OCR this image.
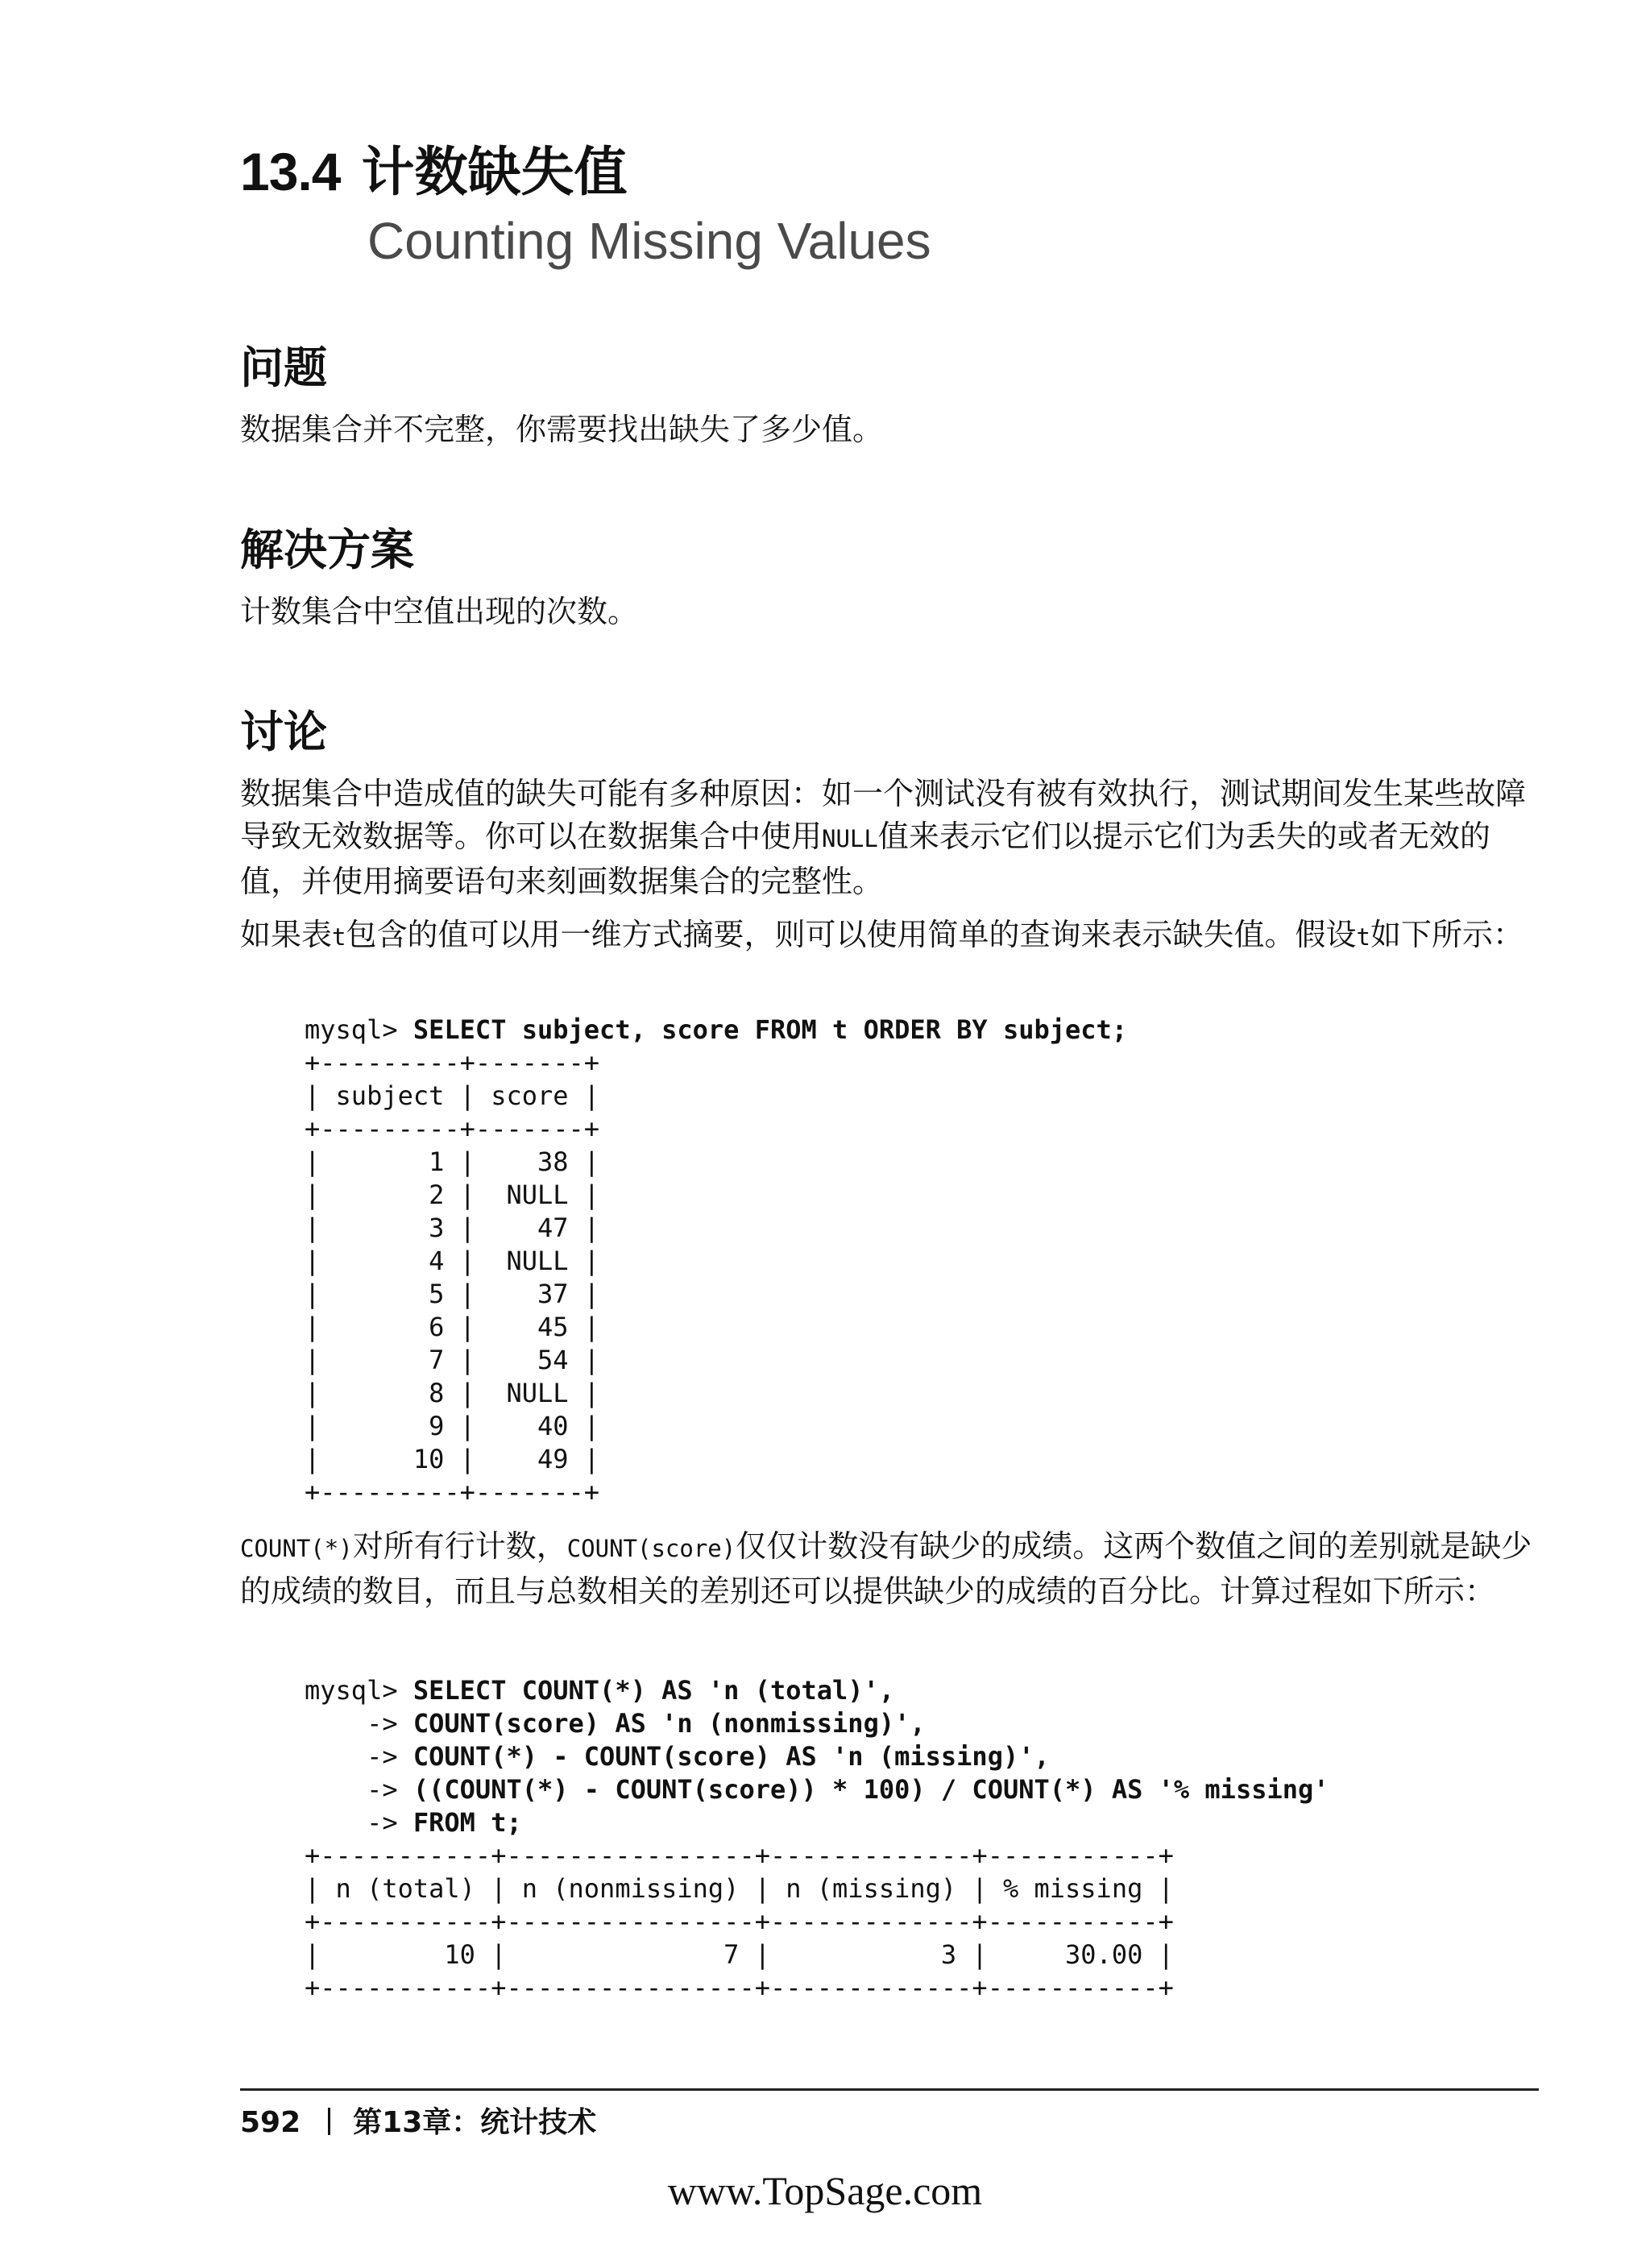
13.4 计数缺失值
Counting Missing Values
问题
数据集合并不完整，你需要找出缺失了多少值。
解决方案
计数集合中空值出现的次数。
讨论
数据集合中造成值的缺失可能有多种原因：如一个测试没有被有效执行，测试期间发生某些故障导致无效数据等。你可以在数据集合中使用NULL值来表示它们以提示它们为丢失的或者无效的值，并使用摘要语句来刻画数据集合的完整性。
如果表t包含的值可以用一维方式摘要，则可以使用简单的查询来表示缺失值。假设t如下所示：
mysql> SELECT subject, score FROM t ORDER BY subject;
+---------+-------+
| subject | score |
+---------+-------+
|       1 |    38 |
|       2 |  NULL |
|       3 |    47 |
|       4 |  NULL |
|       5 |    37 |
|       6 |    45 |
|       7 |    54 |
|       8 |  NULL |
|       9 |    40 |
|      10 |    49 |
+---------+-------+

COUNT(*)对所有行计数，COUNT(score)仅仅计数没有缺少的成绩。这两个数值之间的差别就是缺少的成绩的数目，而且与总数相关的差别还可以提供缺少的成绩的百分比。计算过程如下所示：
mysql> SELECT COUNT(*) AS 'n (total)',
-> COUNT(score) AS 'n (nonmissing)',
-> COUNT(*) - COUNT(score) AS 'n (missing)',
-> ((COUNT(*) - COUNT(score)) * 100) / COUNT(*) AS '% missing'
-> FROM t;
+-----------+----------------+-------------+-----------+
| n (total) | n (nonmissing) | n (missing) | % missing |
+-----------+----------------+-------------+-----------+
|        10 |              7 |           3 |     30.00 |
+-----------+----------------+-------------+-----------+

592 第13章：统计技术
www.TopSage.com
